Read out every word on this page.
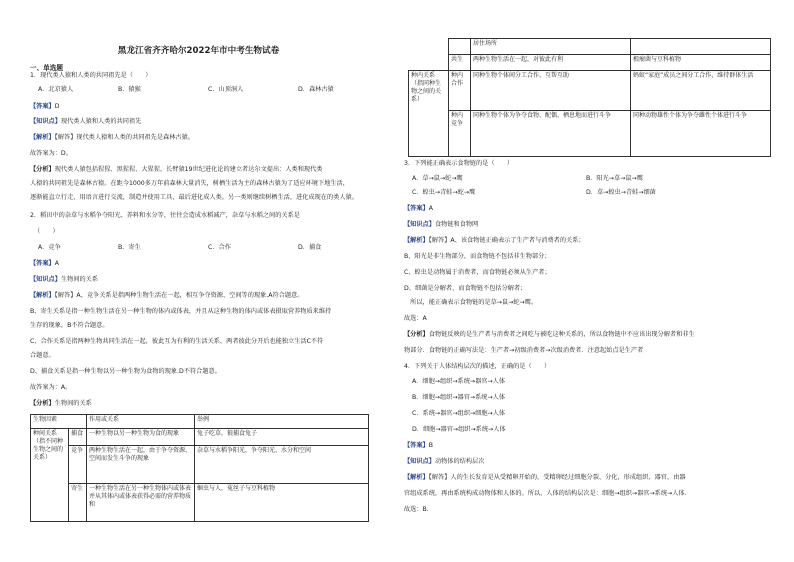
黑龙江省齐齐哈尔2022年市中考生物试卷
一、单选题
1．现代类人猿和人类的共同祖先是（　　）
A．北京猿人	B．猿猴	C．山顶洞人	D．森林古猿
【答案】D
【知识点】现代类人猿和人类的共同祖先
【解析】【解答】现代类人猿和人类的共同祖先是森林古猿。
故答案为：D。
【分析】现代类人猿包括猩猩、黑猩猩、大猩猩、长臂猿19世纪进化论的建立者达尔文提出：人类和现代类
人猿的共同祖先是森林古猿。在距今1000多万年前森林大量消失，树栖生活为主的森林古猿为了适应环境下地生活，
逐渐能直立行走，用语言进行交流，制造并使用工具，最后进化成人类。另一类则继续树栖生活，进化成现在的类人猿。
2．稻田中的杂草与水稻争夺阳光、养料和水分等，往往会造成水稻减产，杂草与水稻之间的关系是
（　　）
A．竞争	B．寄生	C．合作	D．捕食
【答案】A
【知识点】生物间的关系
【解析】【解答】A、竞争关系是指两种生物生活在一起，相互争夺资源、空间等的现象.A符合题意。
B、寄生关系是指一种生物生活在另一种生物的体内或体表，并且从这种生物的体内或体表摄取营养物质来维持
生存的现象，B不符合题意。
C、合作关系是指两种生物共同生活在一起，彼此互为有利的生活关系，两者彼此分开后也能独立生活C不符
合题意。
D、捕食关系是指一种生物以另一种生物为食物的现象.D不符合题意。
故答案为：A。
【分析】生物间的关系
生物因素		作用或关系	举例
种间关系（指不同种生物之间的关系）	捕食	一种生物以另一种生物为食的现象	兔子吃草，狼捕食兔子
	竞争	两种生物生活在一起，由于争夺资源、空间而发生斗争的现象	杂草与水稻争阳光，争夺阳光、水分和空间
	寄生	一种生物生活在另一种生物体内或体表并从其体内或体表获得必需的营养物质和	蛔虫与人，菟丝子与豆科植物
		居住场所	
	共生	两种生物生活在一起，对彼此有利	根瘤菌与豆科植物
种内关系（指同种生物之间的关系）	种内合作	同种生物个体间分工合作、互帮互助	蚂蚁“家庭”成员之间分工合作，维持群体生活
	种内竞争	同种生物个体为争夺食物、配偶、栖息地而进行斗争	同种动物雄性个体为争夺雌性个体进行斗争
3．下列能正确表示食物链的是（　　）
A．草→鼠→蛇→鹰	B．阳光→草→鼠→鹰
C．蝗虫→青蛙→蛇→鹰	D．草→蝗虫→青蛙→细菌
【答案】A
【知识点】食物链和食物网
【解析】【解答】A、该食物链正确表示了生产者与消费者的关系；
B、阳光是非生物部分，而食物链不包括非生物部分；
C、蝗虫是动物属于消费者，而食物链必须从生产者；
D、细菌是分解者，而食物链不包括分解者；
　所以，能正确表示食物链的是草→鼠→蛇→鹰。
故选：A
【分析】食物链反映的是生产者与消费者之间吃与被吃这种关系的，所以食物链中不应该出现分解者和非生
物部分．食物链的正确写法是：生产者→初级消费者→次级消费者．注意起始点是生产者
4．下列关于人体结构层次的描述，正确的是（　　）
A．细胞→组织→系统→器官→人体
B．细胞→组织→器官→系统→人体
C．系统→器官→组织→细胞→人体
D．细胞→器官→组织→系统→人体
【答案】B
【知识点】动物体的结构层次
【解析】【解答】人的生长发育是从受精卵开始的，受精卵经过细胞分裂、分化，形成组织、器官，由器
官组成系统，再由系统构成动物体和人体的。所以，人体的结构层次是：细胞→组织→器官→系统→人体．
故选：B．
